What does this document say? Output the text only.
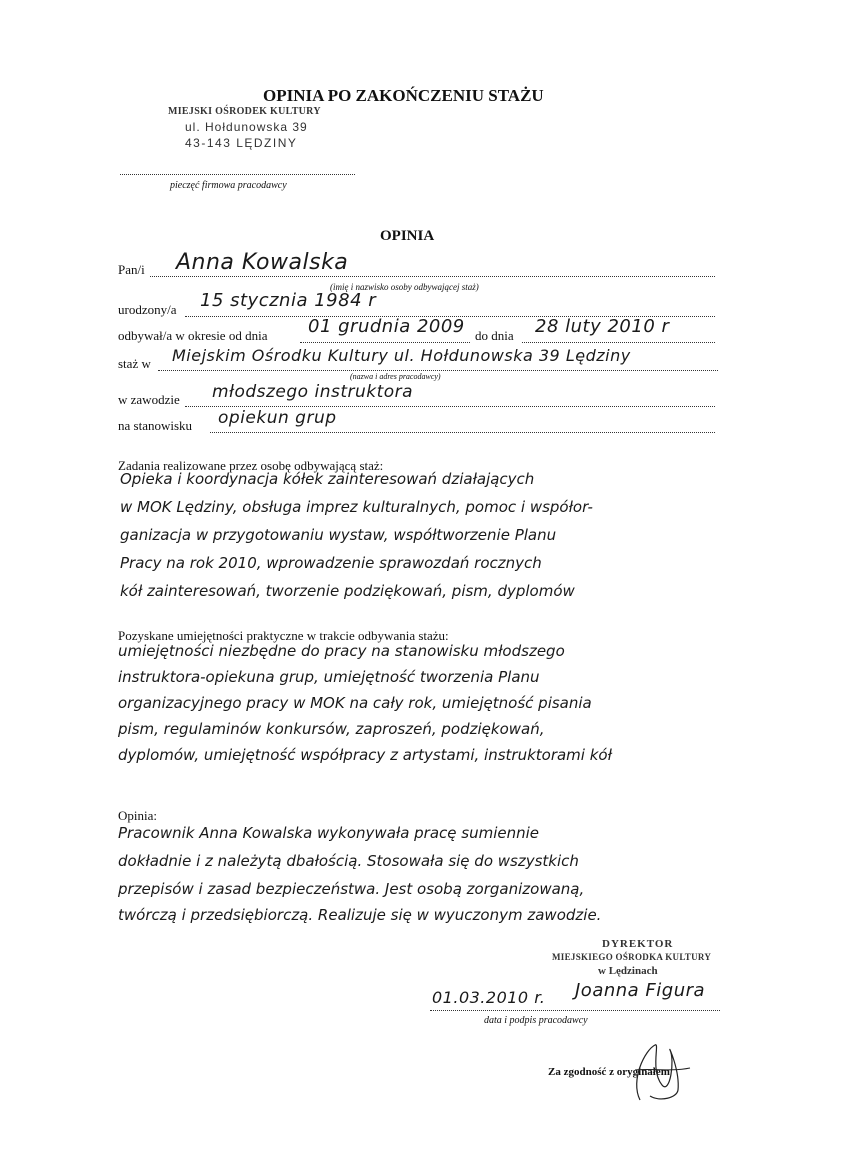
OPINIA PO ZAKOŃCZENIU STAŻU
MIEJSKI OŚRODEK KULTURY
ul. Hołdunowska 39
43-143 LĘDZINY
pieczęć firmowa pracodawcy
OPINIA
Pan/i Anna Kowalska
(imię i nazwisko osoby odbywającej staż)
urodzony/a 15 stycznia 1984 r
odbywał/a w okresie od dnia 01 grudnia 2009 do dnia 28 luty 2010 r
staż w Miejskim Ośrodku Kultury ul. Hołdunowska 39 Lędziny
(nazwa i adres pracodawcy)
w zawodzie młodszego instruktora
na stanowisku opiekun grup
Zadania realizowane przez osobę odbywającą staż:
Opieka i koordynacja kółek zainteresowań działających
w MOK Lędziny, obsługa imprez kulturalnych, pomoc i współor-
ganizacja w przygotowaniu wystaw, współtworzenie Planu
Pracy na rok 2010, wprowadzenie sprawozdań rocznych
kół zainteresowań, tworzenie podziękowań, pism, dyplomów
Pozyskane umiejętności praktyczne w trakcie odbywania stażu:
umiejętności niezbędne do pracy na stanowisku młodszego
instruktora-opiekuna grup, umiejętność tworzenia Planu
organizacyjnego pracy w MOK na cały rok, umiejętność pisania
pism, regulaminów konkursów, zaproszeń, podziękowań,
dyplomów, umiejętność współpracy z artystami, instruktorami kół
Opinia:
Pracownik Anna Kowalska wykonywała pracę sumiennie
dokładnie i z należytą dbałością. Stosowała się do wszystkich
przepisów i zasad bezpieczeństwa. Jest osobą zorganizowaną,
twórczą i przedsiębiorczą. Realizuje się w wyuczonym zawodzie.
DYREKTOR
MIEJSKIEGO OŚRODKA KULTURY
w Lędzinach
01.03.2010 r. Joanna Figura
data i podpis pracodawcy
Za zgodność z oryginałem
